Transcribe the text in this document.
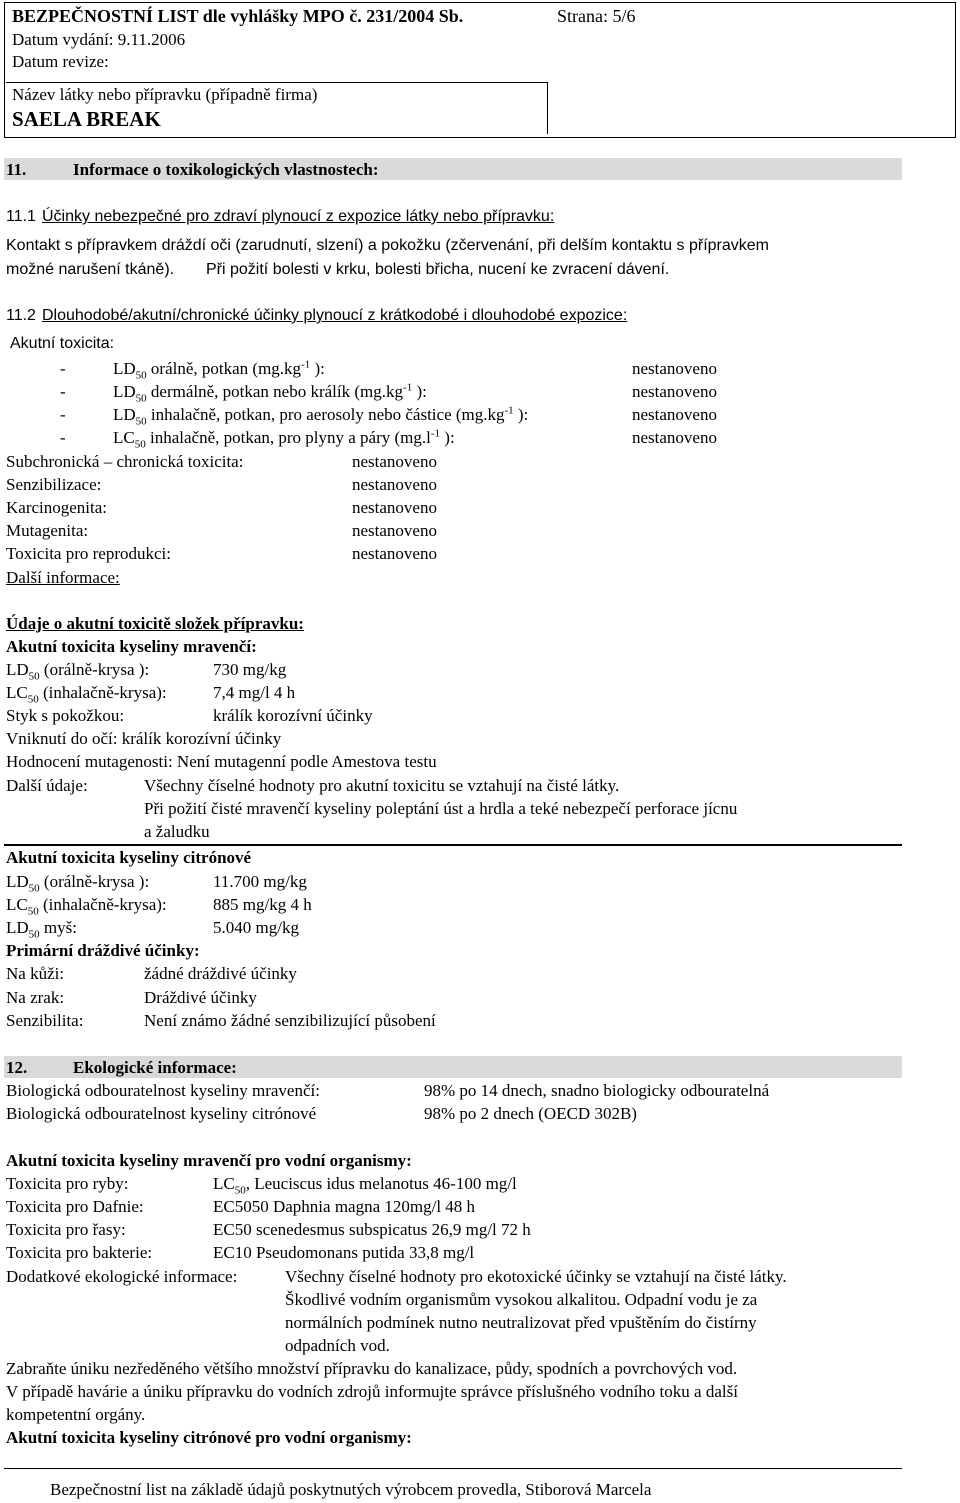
BEZPEČNOSTNÍ LIST dle vyhlášky MPO č. 231/2004 Sb.	Strana: 5/6
Datum vydání: 9.11.2006
Datum revize:
Název látky nebo přípravku (případně firma)
SAELA BREAK
11.	Informace o toxikologických vlastnostech:
11.1 Účinky nebezpečné pro zdraví plynoucí z expozice látky nebo přípravku:
Kontakt s přípravkem dráždí oči (zarudnutí, slzení) a pokožku (zčervenání, při delším kontaktu s přípravkem
možné narušení tkáně). Při požití bolesti v krku, bolesti břicha, nucení ke zvracení dávení.
11.2 Dlouhodobé/akutní/chronické účinky plynoucí z krátkodobé i dlouhodobé expozice:
Akutní toxicita:
-	$LD_{50}$ orálně, potkan ($mg.kg^{-1}$ ):	nestanoveno
-	$LD_{50}$ dermálně, potkan nebo králík ($mg.kg^{-1}$ ):	nestanoveno
-	$LD_{50}$ inhalačně, potkan, pro aerosoly nebo částice ($mg.kg^{-1}$ ):	nestanoveno
-	$LC_{50}$ inhalačně, potkan, pro plyny a páry ($mg.l^{-1}$ ):	nestanoveno
Subchronická – chronická toxicita:	nestanoveno
Senzibilizace:	nestanoveno
Karcinogenita:	nestanoveno
Mutagenita:	nestanoveno
Toxicita pro reprodukci:	nestanoveno
Další informace:
Údaje o akutní toxicitě složek přípravku:
Akutní toxicita kyseliny mravenčí:
$LD_{50}$ (orálně-krysa ):	730 mg/kg
$LC_{50}$ (inhalačně-krysa):	7,4 mg/l 4 h
Styk s pokožkou:	králík korozívní účinky
Vniknutí do očí: králík korozívní účinky
Hodnocení mutagenosti: Není mutagenní podle Amestova testu
Další údaje:	Všechny číselné hodnoty pro akutní toxicitu se vztahují na čisté látky.
Při požití čisté mravenčí kyseliny poleptání úst a hrdla a teké nebezpečí perforace jícnu
a žaludku
Akutní toxicita kyseliny citrónové
$LD_{50}$ (orálně-krysa ):	11.700 mg/kg
$LC_{50}$ (inhalačně-krysa):	885 mg/kg 4 h
$LD_{50}$ myš:	5.040 mg/kg
Primární dráždivé účinky:
Na kůži:	žádné dráždivé účinky
Na zrak:	Dráždivé účinky
Senzibilita:	Není známo žádné senzibilizující působení
12.	Ekologické informace:
Biologická odbouratelnost kyseliny mravenčí:	98% po 14 dnech, snadno biologicky odbouratelná
Biologická odbouratelnost kyseliny citrónové	98% po 2 dnech (OECD 302B)
Akutní toxicita kyseliny mravenčí pro vodní organismy:
Toxicita pro ryby:	$LC_{50}$, Leuciscus idus melanotus 46-100 mg/l
Toxicita pro Dafnie:	EC5050 Daphnia magna 120mg/l 48 h
Toxicita pro řasy:	EC50 scenedesmus subspicatus 26,9 mg/l 72 h
Toxicita pro bakterie:	EC10 Pseudomonans putida 33,8 mg/l
Dodatkové ekologické informace:	Všechny číselné hodnoty pro ekotoxické účinky se vztahují na čisté látky.
Škodlivé vodním organismům vysokou alkalitou. Odpadní vodu je za
normálních podmínek nutno neutralizovat před vpuštěním do čistírny
odpadních vod.
Zabraňte úniku nezředěného většího množství přípravku do kanalizace, půdy, spodních a povrchových vod.
V případě havárie a úniku přípravku do vodních zdrojů informujte správce příslušného vodního toku a další
kompetentní orgány.
Akutní toxicita kyseliny citrónové pro vodní organismy:
Bezpečnostní list na základě údajů poskytnutých výrobcem provedla, Stiborová Marcela
